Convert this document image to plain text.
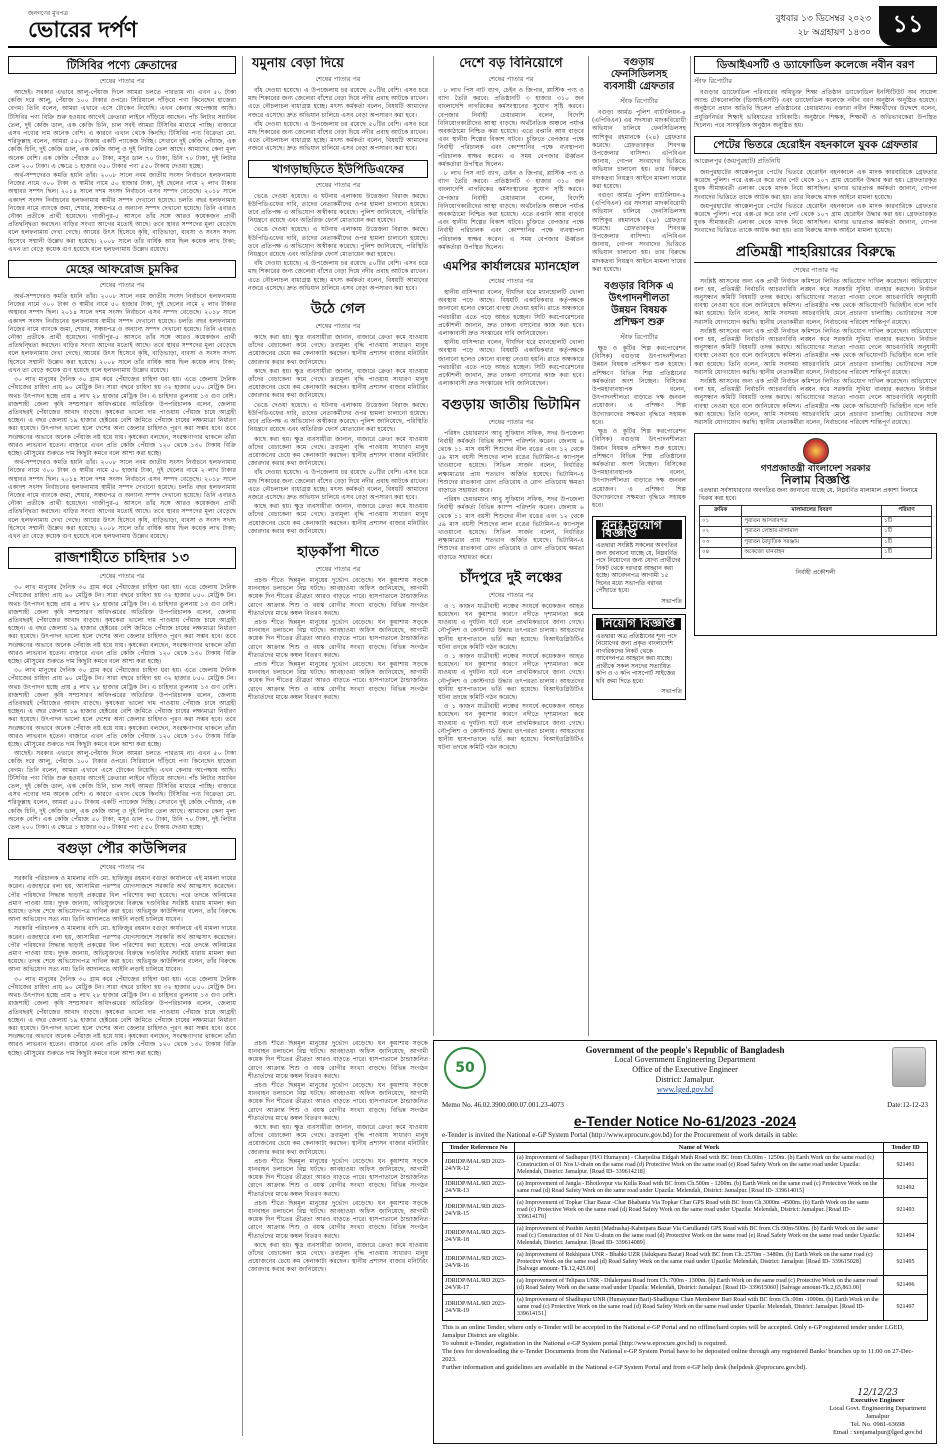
জনগণের মুখপত্র
ভোরের দর্পণ	বুধবার ১৩ ডিসেম্বর ২০২৩
২৮ অগ্রহায়ণ ১৪৩০ ১১
টিসিবির পণ্যে ক্রেতাদের
শেষের পাতার পর

আছেই। সরকার এভাবে আলু-পেঁয়াজ দিলে আমরা চলতে পারতাম না। এখন ৫০ টাকা কেজি দরে আলু, পেঁয়াজ ১০০ টাকার ওপরে। সিরিয়ালে দাঁড়িয়ে পণ্য কিনেছেন হাজেরা বেগম। তিনি বলেন, আমরা এখানে এসে টোকেন নিয়েছি। এখন কেনার অপেক্ষায় আছি। টিসিবির পণ্য বিক্রি শুরু হওয়ার আগেই ক্রেতারা লাইনে দাঁড়িয়ে আছেন। পাঁচ লিটার সয়াবিন তেল, দুই কেজি ডাল, এক কেজি চিনি, চাল সবই আমরা টিসিবির মাধ্যমে পাচ্ছি। বাজারে এসব পণ্যের দাম অনেক বেশি। এ কারণে এখান থেকে কিনছি। টিসিবির পণ্য বিক্রেতা মো. শরিফুল্লাহ বলেন, আমরা ৫৫০ টাকায় একটি প্যাকেজ দিচ্ছি। সেখানে দুই কেজি পেঁয়াজ, এক কেজি চিনি, দুই কেজি ডাল, এক কেজি আলু ও দুই লিটার তেল আছে। আমাদের কেনা মূল্য অনেক বেশি। এক কেজি পেঁয়াজ ৫০ টাকা, মসুর ডাল ৭০ টাকা, চিনি ৭০ টাকা, দুই লিটার তেল ২০০ টাকা। এ ক্ষেত্রে ১ হাজার ৩৫০ টাকার পণ্য ৫৫০ টাকায় দেওয়া হচ্ছে।

অর্থ-সম্পদেরও কমতি হয়নি তাঁর। ২০০৮ সালে নবম জাতীয় সংসদ নির্বাচনে হলফনামায় নিজের নামে ৩০০ টাকা ও স্বামীর নামে ৫০ হাজার টাকা, দুই ছেলের নামে ২ লাখ টাকার অস্থাবর সম্পদ ছিল। ২০১৪ সালে দশম সংসদ নির্বাচনে এসব সম্পদ বেড়েছে। ২০১৮ সালে একাদশ সংসদ নির্বাচনের হলফনামায় স্বামীর সম্পদ দেখানো হয়েছে। চলতি বছর হলফনামায় নিজের নামে ব্যাংকে জমা, শেয়ার, সঞ্চয়পত্র ও অন্যান্য সম্পদ দেখানো হয়েছে। তিনি এবারও নৌকা প্রতীকে প্রার্থী হয়েছেন। গাজীপুর-৫ আসনে তাঁর সঙ্গে আরও কয়েকজন প্রার্থী প্রতিদ্বন্দ্বিতা করছেন। বাড়ির সংখ্যা আগের মতোই আছে। তবে স্থাবর সম্পদের মূল্য বেড়েছে বলে হলফনামায় দেখা গেছে। আয়ের উৎস হিসেবে কৃষি, বাড়িভাড়া, ব্যবসা ও সংসদ সদস্য হিসেবে সম্মানী উল্লেখ করা হয়েছে। ২০০৮ সালে তাঁর বার্ষিক আয় ছিল কয়েক লাখ টাকা; এখন তা বেড়ে কয়েক গুণ হয়েছে বলে হলফনামায় উল্লেখ রয়েছে।

মেহের আফরোজ চুমকির
শেষের পাতার পর

অর্থ-সম্পদেরও কমতি হয়নি তাঁর। ২০০৮ সালে নবম জাতীয় সংসদ নির্বাচনে হলফনামায় নিজের নামে ৩০০ টাকা ও স্বামীর নামে ৫০ হাজার টাকা, দুই ছেলের নামে ২ লাখ টাকার অস্থাবর সম্পদ ছিল। ২০১৪ সালে দশম সংসদ নির্বাচনে এসব সম্পদ বেড়েছে। ২০১৮ সালে একাদশ সংসদ নির্বাচনের হলফনামায় স্বামীর সম্পদ দেখানো হয়েছে। চলতি বছর হলফনামায় নিজের নামে ব্যাংকে জমা, শেয়ার, সঞ্চয়পত্র ও অন্যান্য সম্পদ দেখানো হয়েছে। তিনি এবারও নৌকা প্রতীকে প্রার্থী হয়েছেন। গাজীপুর-৫ আসনে তাঁর সঙ্গে আরও কয়েকজন প্রার্থী প্রতিদ্বন্দ্বিতা করছেন। বাড়ির সংখ্যা আগের মতোই আছে। তবে স্থাবর সম্পদের মূল্য বেড়েছে বলে হলফনামায় দেখা গেছে। আয়ের উৎস হিসেবে কৃষি, বাড়িভাড়া, ব্যবসা ও সংসদ সদস্য হিসেবে সম্মানী উল্লেখ করা হয়েছে। ২০০৮ সালে তাঁর বার্ষিক আয় ছিল কয়েক লাখ টাকা; এখন তা বেড়ে কয়েক গুণ হয়েছে বলে হলফনামায় উল্লেখ রয়েছে।

৩০ লাখ মানুষের দৈনিক ৩০ গ্রাম করে পেঁয়াজের চাহিদা ধরা হয়। এতে জেলায় দৈনিক পেঁয়াজের চাহিদা প্রায় ৯০ মেট্রিক টন। সারা বছরে চাহিদা হয় ৩২ হাজার ৮৫০ মেট্রিক টন। অথচ উৎপাদন হচ্ছে প্রায় ৪ লাখ ২৮ হাজার মেট্রিক টন। এ চাহিদার তুলনায় ১৩ গুণ বেশি। রাজশাহী জেলা কৃষি সম্প্রসারণ অধিদপ্তরের অতিরিক্ত উপপরিচালক বলেন, জেলায় প্রতিবছরই পেঁয়াজের আবাদ বাড়ছে। কৃষকেরা ভালো দাম পাওয়ায় পেঁয়াজ চাষে আগ্রহী হচ্ছেন। এ বছর জেলায় ১৯ হাজার হেক্টরের বেশি জমিতে পেঁয়াজ চাষের লক্ষ্যমাত্রা নির্ধারণ করা হয়েছে। উৎপাদন ভালো হলে দেশের অন্য জেলার চাহিদাও পূরণ করা সম্ভব হবে। তবে সংরক্ষণের অভাবে অনেক পেঁয়াজ নষ্ট হয়ে যায়। কৃষকেরা বলছেন, সংরক্ষণাগার থাকলে তাঁরা আরও লাভবান হতেন। বাজারে এখন প্রতি কেজি পেঁয়াজ ১২০ থেকে ১৩০ টাকায় বিক্রি হচ্ছে। মৌসুমের শুরুতে দাম কিছুটা কমবে বলে আশা করা হচ্ছে।

অর্থ-সম্পদেরও কমতি হয়নি তাঁর। ২০০৮ সালে নবম জাতীয় সংসদ নির্বাচনে হলফনামায় নিজের নামে ৩০০ টাকা ও স্বামীর নামে ৫০ হাজার টাকা, দুই ছেলের নামে ২ লাখ টাকার অস্থাবর সম্পদ ছিল। ২০১৪ সালে দশম সংসদ নির্বাচনে এসব সম্পদ বেড়েছে। ২০১৮ সালে একাদশ সংসদ নির্বাচনের হলফনামায় স্বামীর সম্পদ দেখানো হয়েছে। চলতি বছর হলফনামায় নিজের নামে ব্যাংকে জমা, শেয়ার, সঞ্চয়পত্র ও অন্যান্য সম্পদ দেখানো হয়েছে। তিনি এবারও নৌকা প্রতীকে প্রার্থী হয়েছেন। গাজীপুর-৫ আসনে তাঁর সঙ্গে আরও কয়েকজন প্রার্থী প্রতিদ্বন্দ্বিতা করছেন। বাড়ির সংখ্যা আগের মতোই আছে। তবে স্থাবর সম্পদের মূল্য বেড়েছে বলে হলফনামায় দেখা গেছে। আয়ের উৎস হিসেবে কৃষি, বাড়িভাড়া, ব্যবসা ও সংসদ সদস্য হিসেবে সম্মানী উল্লেখ করা হয়েছে। ২০০৮ সালে তাঁর বার্ষিক আয় ছিল কয়েক লাখ টাকা; এখন তা বেড়ে কয়েক গুণ হয়েছে বলে হলফনামায় উল্লেখ রয়েছে।

রাজশাহীতে চাহিদার ১৩
শেষের পাতার পর

৩০ লাখ মানুষের দৈনিক ৩০ গ্রাম করে পেঁয়াজের চাহিদা ধরা হয়। এতে জেলায় দৈনিক পেঁয়াজের চাহিদা প্রায় ৯০ মেট্রিক টন। সারা বছরে চাহিদা হয় ৩২ হাজার ৮৫০ মেট্রিক টন। অথচ উৎপাদন হচ্ছে প্রায় ৪ লাখ ২৮ হাজার মেট্রিক টন। এ চাহিদার তুলনায় ১৩ গুণ বেশি। রাজশাহী জেলা কৃষি সম্প্রসারণ অধিদপ্তরের অতিরিক্ত উপপরিচালক বলেন, জেলায় প্রতিবছরই পেঁয়াজের আবাদ বাড়ছে। কৃষকেরা ভালো দাম পাওয়ায় পেঁয়াজ চাষে আগ্রহী হচ্ছেন। এ বছর জেলায় ১৯ হাজার হেক্টরের বেশি জমিতে পেঁয়াজ চাষের লক্ষ্যমাত্রা নির্ধারণ করা হয়েছে। উৎপাদন ভালো হলে দেশের অন্য জেলার চাহিদাও পূরণ করা সম্ভব হবে। তবে সংরক্ষণের অভাবে অনেক পেঁয়াজ নষ্ট হয়ে যায়। কৃষকেরা বলছেন, সংরক্ষণাগার থাকলে তাঁরা আরও লাভবান হতেন। বাজারে এখন প্রতি কেজি পেঁয়াজ ১২০ থেকে ১৩০ টাকায় বিক্রি হচ্ছে। মৌসুমের শুরুতে দাম কিছুটা কমবে বলে আশা করা হচ্ছে।

৩০ লাখ মানুষের দৈনিক ৩০ গ্রাম করে পেঁয়াজের চাহিদা ধরা হয়। এতে জেলায় দৈনিক পেঁয়াজের চাহিদা প্রায় ৯০ মেট্রিক টন। সারা বছরে চাহিদা হয় ৩২ হাজার ৮৫০ মেট্রিক টন। অথচ উৎপাদন হচ্ছে প্রায় ৪ লাখ ২৮ হাজার মেট্রিক টন। এ চাহিদার তুলনায় ১৩ গুণ বেশি। রাজশাহী জেলা কৃষি সম্প্রসারণ অধিদপ্তরের অতিরিক্ত উপপরিচালক বলেন, জেলায় প্রতিবছরই পেঁয়াজের আবাদ বাড়ছে। কৃষকেরা ভালো দাম পাওয়ায় পেঁয়াজ চাষে আগ্রহী হচ্ছেন। এ বছর জেলায় ১৯ হাজার হেক্টরের বেশি জমিতে পেঁয়াজ চাষের লক্ষ্যমাত্রা নির্ধারণ করা হয়েছে। উৎপাদন ভালো হলে দেশের অন্য জেলার চাহিদাও পূরণ করা সম্ভব হবে। তবে সংরক্ষণের অভাবে অনেক পেঁয়াজ নষ্ট হয়ে যায়। কৃষকেরা বলছেন, সংরক্ষণাগার থাকলে তাঁরা আরও লাভবান হতেন। বাজারে এখন প্রতি কেজি পেঁয়াজ ১২০ থেকে ১৩০ টাকায় বিক্রি হচ্ছে। মৌসুমের শুরুতে দাম কিছুটা কমবে বলে আশা করা হচ্ছে।

আছেই। সরকার এভাবে আলু-পেঁয়াজ দিলে আমরা চলতে পারতাম না। এখন ৫০ টাকা কেজি দরে আলু, পেঁয়াজ ১০০ টাকার ওপরে। সিরিয়ালে দাঁড়িয়ে পণ্য কিনেছেন হাজেরা বেগম। তিনি বলেন, আমরা এখানে এসে টোকেন নিয়েছি। এখন কেনার অপেক্ষায় আছি। টিসিবির পণ্য বিক্রি শুরু হওয়ার আগেই ক্রেতারা লাইনে দাঁড়িয়ে আছেন। পাঁচ লিটার সয়াবিন তেল, দুই কেজি ডাল, এক কেজি চিনি, চাল সবই আমরা টিসিবির মাধ্যমে পাচ্ছি। বাজারে এসব পণ্যের দাম অনেক বেশি। এ কারণে এখান থেকে কিনছি। টিসিবির পণ্য বিক্রেতা মো. শরিফুল্লাহ বলেন, আমরা ৫৫০ টাকায় একটি প্যাকেজ দিচ্ছি। সেখানে দুই কেজি পেঁয়াজ, এক কেজি চিনি, দুই কেজি ডাল, এক কেজি আলু ও দুই লিটার তেল আছে। আমাদের কেনা মূল্য অনেক বেশি। এক কেজি পেঁয়াজ ৫০ টাকা, মসুর ডাল ৭০ টাকা, চিনি ৭০ টাকা, দুই লিটার তেল ২০০ টাকা। এ ক্ষেত্রে ১ হাজার ৩৫০ টাকার পণ্য ৫৫০ টাকায় দেওয়া হচ্ছে।

বগুড়া পৌর কাউন্সিলর
শেষের পাতার পর

সরকারি পরিচালক ও মামলার বাদি মো. হাফিজুর রহমান বগুড়া কার্যালয়ে এই মামলা দায়ের করেন। এজাহারে বলা হয়, আসামিরা পরস্পর যোগসাজশে সরকারি অর্থ আত্মসাৎ করেছেন। পৌর পরিষদের সিদ্ধান্ত ছাড়াই প্রকল্পের বিল পরিশোধ করা হয়েছে। পরে তদন্তে অনিয়মের প্রমাণ পাওয়া যায়। দুদক জানায়, অভিযুক্তদের বিরুদ্ধে দণ্ডবিধির সংশ্লিষ্ট ধারায় মামলা করা হয়েছে। তদন্ত শেষে অভিযোগপত্র দাখিল করা হবে। অভিযুক্ত কাউন্সিলর বলেন, তাঁর বিরুদ্ধে আনা অভিযোগ সত্য নয়। তিনি আদালতে আইনি লড়াই চালিয়ে যাবেন।

সরকারি পরিচালক ও মামলার বাদি মো. হাফিজুর রহমান বগুড়া কার্যালয়ে এই মামলা দায়ের করেন। এজাহারে বলা হয়, আসামিরা পরস্পর যোগসাজশে সরকারি অর্থ আত্মসাৎ করেছেন। পৌর পরিষদের সিদ্ধান্ত ছাড়াই প্রকল্পের বিল পরিশোধ করা হয়েছে। পরে তদন্তে অনিয়মের প্রমাণ পাওয়া যায়। দুদক জানায়, অভিযুক্তদের বিরুদ্ধে দণ্ডবিধির সংশ্লিষ্ট ধারায় মামলা করা হয়েছে। তদন্ত শেষে অভিযোগপত্র দাখিল করা হবে। অভিযুক্ত কাউন্সিলর বলেন, তাঁর বিরুদ্ধে আনা অভিযোগ সত্য নয়। তিনি আদালতে আইনি লড়াই চালিয়ে যাবেন।

৩০ লাখ মানুষের দৈনিক ৩০ গ্রাম করে পেঁয়াজের চাহিদা ধরা হয়। এতে জেলায় দৈনিক পেঁয়াজের চাহিদা প্রায় ৯০ মেট্রিক টন। সারা বছরে চাহিদা হয় ৩২ হাজার ৮৫০ মেট্রিক টন। অথচ উৎপাদন হচ্ছে প্রায় ৪ লাখ ২৮ হাজার মেট্রিক টন। এ চাহিদার তুলনায় ১৩ গুণ বেশি। রাজশাহী জেলা কৃষি সম্প্রসারণ অধিদপ্তরের অতিরিক্ত উপপরিচালক বলেন, জেলায় প্রতিবছরই পেঁয়াজের আবাদ বাড়ছে। কৃষকেরা ভালো দাম পাওয়ায় পেঁয়াজ চাষে আগ্রহী হচ্ছেন। এ বছর জেলায় ১৯ হাজার হেক্টরের বেশি জমিতে পেঁয়াজ চাষের লক্ষ্যমাত্রা নির্ধারণ করা হয়েছে। উৎপাদন ভালো হলে দেশের অন্য জেলার চাহিদাও পূরণ করা সম্ভব হবে। তবে সংরক্ষণের অভাবে অনেক পেঁয়াজ নষ্ট হয়ে যায়। কৃষকেরা বলছেন, সংরক্ষণাগার থাকলে তাঁরা আরও লাভবান হতেন। বাজারে এখন প্রতি কেজি পেঁয়াজ ১২০ থেকে ১৩০ টাকায় বিক্রি হচ্ছে। মৌসুমের শুরুতে দাম কিছুটা কমবে বলে আশা করা হচ্ছে।

যমুনায় বেড়া দিয়ে
শেষের পাতার পর

বাঁধ দেওয়া হয়েছে। এ উপজেলায় চর রয়েছে ৫০টির বেশি। এসব চরে মাছ শিকারের জন্য জেলেরা বাঁশের বেড়া দিয়ে নদীর প্রবাহ আটকে রাখেন। এতে নৌচলাচল বাধাগ্রস্ত হচ্ছে। মৎস্য কর্মকর্তা বলেন, বিষয়টি আমাদের নজরে এসেছে। দ্রুত অভিযান চালিয়ে এসব বেড়া অপসারণ করা হবে।

বাঁধ দেওয়া হয়েছে। এ উপজেলায় চর রয়েছে ৫০টির বেশি। এসব চরে মাছ শিকারের জন্য জেলেরা বাঁশের বেড়া দিয়ে নদীর প্রবাহ আটকে রাখেন। এতে নৌচলাচল বাধাগ্রস্ত হচ্ছে। মৎস্য কর্মকর্তা বলেন, বিষয়টি আমাদের নজরে এসেছে। দ্রুত অভিযান চালিয়ে এসব বেড়া অপসারণ করা হবে।

খাগড়াছড়িতে ইউপিডিএফের
শেষের পাতার পর

ভেঙে দেওয়া হয়েছে। এ ঘটনায় এলাকায় উত্তেজনা বিরাজ করছে। ইউপিডিএফের দাবি, তাদের নেতাকর্মীদের ওপর হামলা চালানো হয়েছে। তবে প্রতিপক্ষ এ অভিযোগ অস্বীকার করেছে। পুলিশ জানিয়েছে, পরিস্থিতি নিয়ন্ত্রণে রয়েছে এবং অতিরিক্ত ফোর্স মোতায়েন করা হয়েছে।

ভেঙে দেওয়া হয়েছে। এ ঘটনায় এলাকায় উত্তেজনা বিরাজ করছে। ইউপিডিএফের দাবি, তাদের নেতাকর্মীদের ওপর হামলা চালানো হয়েছে। তবে প্রতিপক্ষ এ অভিযোগ অস্বীকার করেছে। পুলিশ জানিয়েছে, পরিস্থিতি নিয়ন্ত্রণে রয়েছে এবং অতিরিক্ত ফোর্স মোতায়েন করা হয়েছে।

বাঁধ দেওয়া হয়েছে। এ উপজেলায় চর রয়েছে ৫০টির বেশি। এসব চরে মাছ শিকারের জন্য জেলেরা বাঁশের বেড়া দিয়ে নদীর প্রবাহ আটকে রাখেন। এতে নৌচলাচল বাধাগ্রস্ত হচ্ছে। মৎস্য কর্মকর্তা বলেন, বিষয়টি আমাদের নজরে এসেছে। দ্রুত অভিযান চালিয়ে এসব বেড়া অপসারণ করা হবে।

উঠে গেল
শেষের পাতার পর

কাছে করা হয়। ক্ষুদ্র ব্যবসায়ীরা জানান, বাজারে ক্রেতা কমে যাওয়ায় তাঁদের বেচাকেনা কমে গেছে। দ্রব্যমূল্য বৃদ্ধি পাওয়ায় সাধারণ মানুষ প্রয়োজনের চেয়ে কম কেনাকাটা করছেন। স্থানীয় প্রশাসন বাজার মনিটরিং জোরদার করার কথা জানিয়েছে।

কাছে করা হয়। ক্ষুদ্র ব্যবসায়ীরা জানান, বাজারে ক্রেতা কমে যাওয়ায় তাঁদের বেচাকেনা কমে গেছে। দ্রব্যমূল্য বৃদ্ধি পাওয়ায় সাধারণ মানুষ প্রয়োজনের চেয়ে কম কেনাকাটা করছেন। স্থানীয় প্রশাসন বাজার মনিটরিং জোরদার করার কথা জানিয়েছে।

ভেঙে দেওয়া হয়েছে। এ ঘটনায় এলাকায় উত্তেজনা বিরাজ করছে। ইউপিডিএফের দাবি, তাদের নেতাকর্মীদের ওপর হামলা চালানো হয়েছে। তবে প্রতিপক্ষ এ অভিযোগ অস্বীকার করেছে। পুলিশ জানিয়েছে, পরিস্থিতি নিয়ন্ত্রণে রয়েছে এবং অতিরিক্ত ফোর্স মোতায়েন করা হয়েছে।

কাছে করা হয়। ক্ষুদ্র ব্যবসায়ীরা জানান, বাজারে ক্রেতা কমে যাওয়ায় তাঁদের বেচাকেনা কমে গেছে। দ্রব্যমূল্য বৃদ্ধি পাওয়ায় সাধারণ মানুষ প্রয়োজনের চেয়ে কম কেনাকাটা করছেন। স্থানীয় প্রশাসন বাজার মনিটরিং জোরদার করার কথা জানিয়েছে।

বাঁধ দেওয়া হয়েছে। এ উপজেলায় চর রয়েছে ৫০টির বেশি। এসব চরে মাছ শিকারের জন্য জেলেরা বাঁশের বেড়া দিয়ে নদীর প্রবাহ আটকে রাখেন। এতে নৌচলাচল বাধাগ্রস্ত হচ্ছে। মৎস্য কর্মকর্তা বলেন, বিষয়টি আমাদের নজরে এসেছে। দ্রুত অভিযান চালিয়ে এসব বেড়া অপসারণ করা হবে।

কাছে করা হয়। ক্ষুদ্র ব্যবসায়ীরা জানান, বাজারে ক্রেতা কমে যাওয়ায় তাঁদের বেচাকেনা কমে গেছে। দ্রব্যমূল্য বৃদ্ধি পাওয়ায় সাধারণ মানুষ প্রয়োজনের চেয়ে কম কেনাকাটা করছেন। স্থানীয় প্রশাসন বাজার মনিটরিং জোরদার করার কথা জানিয়েছে।

হাড়কাঁপা শীতে
শেষের পাতার পর

প্রচণ্ড শীতে ছিন্নমূল মানুষের দুর্ভোগ বেড়েছে। ঘন কুয়াশায় সড়কে যানবাহন চলাচলে বিঘ্ন ঘটছে। আবহাওয়া অফিস জানিয়েছে, আগামী কয়েক দিন শীতের তীব্রতা আরও বাড়তে পারে। হাসপাতালে ঠান্ডাজনিত রোগে আক্রান্ত শিশু ও বয়স্ক রোগীর সংখ্যা বাড়ছে। বিভিন্ন সংগঠন শীতার্তদের মাঝে কম্বল বিতরণ করছে।

প্রচণ্ড শীতে ছিন্নমূল মানুষের দুর্ভোগ বেড়েছে। ঘন কুয়াশায় সড়কে যানবাহন চলাচলে বিঘ্ন ঘটছে। আবহাওয়া অফিস জানিয়েছে, আগামী কয়েক দিন শীতের তীব্রতা আরও বাড়তে পারে। হাসপাতালে ঠান্ডাজনিত রোগে আক্রান্ত শিশু ও বয়স্ক রোগীর সংখ্যা বাড়ছে। বিভিন্ন সংগঠন শীতার্তদের মাঝে কম্বল বিতরণ করছে।

প্রচণ্ড শীতে ছিন্নমূল মানুষের দুর্ভোগ বেড়েছে। ঘন কুয়াশায় সড়কে যানবাহন চলাচলে বিঘ্ন ঘটছে। আবহাওয়া অফিস জানিয়েছে, আগামী কয়েক দিন শীতের তীব্রতা আরও বাড়তে পারে। হাসপাতালে ঠান্ডাজনিত রোগে আক্রান্ত শিশু ও বয়স্ক রোগীর সংখ্যা বাড়ছে। বিভিন্ন সংগঠন শীতার্তদের মাঝে কম্বল বিতরণ করছে।

প্রচণ্ড শীতে ছিন্নমূল মানুষের দুর্ভোগ বেড়েছে। ঘন কুয়াশায় সড়কে যানবাহন চলাচলে বিঘ্ন ঘটছে। আবহাওয়া অফিস জানিয়েছে, আগামী কয়েক দিন শীতের তীব্রতা আরও বাড়তে পারে। হাসপাতালে ঠান্ডাজনিত রোগে আক্রান্ত শিশু ও বয়স্ক রোগীর সংখ্যা বাড়ছে। বিভিন্ন সংগঠন শীতার্তদের মাঝে কম্বল বিতরণ করছে।

প্রচণ্ড শীতে ছিন্নমূল মানুষের দুর্ভোগ বেড়েছে। ঘন কুয়াশায় সড়কে যানবাহন চলাচলে বিঘ্ন ঘটছে। আবহাওয়া অফিস জানিয়েছে, আগামী কয়েক দিন শীতের তীব্রতা আরও বাড়তে পারে। হাসপাতালে ঠান্ডাজনিত রোগে আক্রান্ত শিশু ও বয়স্ক রোগীর সংখ্যা বাড়ছে। বিভিন্ন সংগঠন শীতার্তদের মাঝে কম্বল বিতরণ করছে।

কাছে করা হয়। ক্ষুদ্র ব্যবসায়ীরা জানান, বাজারে ক্রেতা কমে যাওয়ায় তাঁদের বেচাকেনা কমে গেছে। দ্রব্যমূল্য বৃদ্ধি পাওয়ায় সাধারণ মানুষ প্রয়োজনের চেয়ে কম কেনাকাটা করছেন। স্থানীয় প্রশাসন বাজার মনিটরিং জোরদার করার কথা জানিয়েছে।

প্রচণ্ড শীতে ছিন্নমূল মানুষের দুর্ভোগ বেড়েছে। ঘন কুয়াশায় সড়কে যানবাহন চলাচলে বিঘ্ন ঘটছে। আবহাওয়া অফিস জানিয়েছে, আগামী কয়েক দিন শীতের তীব্রতা আরও বাড়তে পারে। হাসপাতালে ঠান্ডাজনিত রোগে আক্রান্ত শিশু ও বয়স্ক রোগীর সংখ্যা বাড়ছে। বিভিন্ন সংগঠন শীতার্তদের মাঝে কম্বল বিতরণ করছে।

প্রচণ্ড শীতে ছিন্নমূল মানুষের দুর্ভোগ বেড়েছে। ঘন কুয়াশায় সড়কে যানবাহন চলাচলে বিঘ্ন ঘটছে। আবহাওয়া অফিস জানিয়েছে, আগামী কয়েক দিন শীতের তীব্রতা আরও বাড়তে পারে। হাসপাতালে ঠান্ডাজনিত রোগে আক্রান্ত শিশু ও বয়স্ক রোগীর সংখ্যা বাড়ছে। বিভিন্ন সংগঠন শীতার্তদের মাঝে কম্বল বিতরণ করছে।

কাছে করা হয়। ক্ষুদ্র ব্যবসায়ীরা জানান, বাজারে ক্রেতা কমে যাওয়ায় তাঁদের বেচাকেনা কমে গেছে। দ্রব্যমূল্য বৃদ্ধি পাওয়ায় সাধারণ মানুষ প্রয়োজনের চেয়ে কম কেনাকাটা করছেন। স্থানীয় প্রশাসন বাজার মনিটরিং জোরদার করার কথা জানিয়েছে।

দেশে বড় বিনিয়োগে
শেষের পাতার পর

৮ লাখ পিস নাট ব্যাগ, চেইন ও জিপার, প্লাস্টিক পণ্য ও ব্যাগ তৈরি করবে। প্রতিষ্ঠানটি ৩ হাজার ৩১০ জন বাংলাদেশি নাগরিকের কর্মসংস্থানের সুযোগ সৃষ্টি করবে। বেপজার নির্বাহী চেয়ারম্যান বলেন, বিদেশি বিনিয়োগকারীদের আস্থা বাড়ছে। অর্থনৈতিক অঞ্চলে পর্যাপ্ত অবকাঠামো নিশ্চিত করা হয়েছে। এতে রপ্তানি আয় বাড়বে এবং স্থানীয় শিল্পের বিকাশ ঘটবে। চুক্তিতে বেপজার পক্ষে নির্বাহী পরিচালক এবং কোম্পানির পক্ষে ব্যবস্থাপনা পরিচালক স্বাক্ষর করেন। এ সময় বেপজার ঊর্ধ্বতন কর্মকর্তারা উপস্থিত ছিলেন।

৮ লাখ পিস নাট ব্যাগ, চেইন ও জিপার, প্লাস্টিক পণ্য ও ব্যাগ তৈরি করবে। প্রতিষ্ঠানটি ৩ হাজার ৩১০ জন বাংলাদেশি নাগরিকের কর্মসংস্থানের সুযোগ সৃষ্টি করবে। বেপজার নির্বাহী চেয়ারম্যান বলেন, বিদেশি বিনিয়োগকারীদের আস্থা বাড়ছে। অর্থনৈতিক অঞ্চলে পর্যাপ্ত অবকাঠামো নিশ্চিত করা হয়েছে। এতে রপ্তানি আয় বাড়বে এবং স্থানীয় শিল্পের বিকাশ ঘটবে। চুক্তিতে বেপজার পক্ষে নির্বাহী পরিচালক এবং কোম্পানির পক্ষে ব্যবস্থাপনা পরিচালক স্বাক্ষর করেন। এ সময় বেপজার ঊর্ধ্বতন কর্মকর্তারা উপস্থিত ছিলেন।

এমপির কার্যালয়ের ম্যানহোল
শেষের পাতার পর

স্থানীয় বাসিন্দারা বলেন, দীর্ঘদিন ধরে ম্যানহোলটি খোলা অবস্থায় পড়ে আছে। বিষয়টি একাধিকবার কর্তৃপক্ষকে জানানো হলেও কোনো ব্যবস্থা নেওয়া হয়নি। রাতে অন্ধকারে পথচারীরা এতে পড়ে আহত হচ্ছেন। সিটি করপোরেশনের প্রকৌশলী জানান, দ্রুত ঢাকনা বসানোর কাজ করা হবে। এলাকাবাসী দ্রুত সংস্কারের দাবি জানিয়েছেন।

স্থানীয় বাসিন্দারা বলেন, দীর্ঘদিন ধরে ম্যানহোলটি খোলা অবস্থায় পড়ে আছে। বিষয়টি একাধিকবার কর্তৃপক্ষকে জানানো হলেও কোনো ব্যবস্থা নেওয়া হয়নি। রাতে অন্ধকারে পথচারীরা এতে পড়ে আহত হচ্ছেন। সিটি করপোরেশনের প্রকৌশলী জানান, দ্রুত ঢাকনা বসানোর কাজ করা হবে। এলাকাবাসী দ্রুত সংস্কারের দাবি জানিয়েছেন।

বগুড়ায় জাতীয় ভিটামিন
শেষের পাতার পর

পরিষদ চেয়ারম্যান আবু সুফিয়ান সফিক, সদর উপজেলা নির্বাহী কর্মকর্তা বিভিন্ন ক্যাম্প পরিদর্শন করেন। জেলায় ৬ থেকে ১১ মাস বয়সী শিশুদের নীল রঙের এবং ১২ থেকে ৫৯ মাস বয়সী শিশুদের লাল রঙের ভিটামিন-এ ক্যাপসুল খাওয়ানো হয়েছে। সিভিল সার্জন বলেন, নির্ধারিত লক্ষ্যমাত্রার প্রায় শতভাগ অর্জিত হয়েছে। ভিটামিন-এ শিশুদের রাতকানা রোগ প্রতিরোধ ও রোগ প্রতিরোধ ক্ষমতা বাড়াতে সহায়তা করে।

পরিষদ চেয়ারম্যান আবু সুফিয়ান সফিক, সদর উপজেলা নির্বাহী কর্মকর্তা বিভিন্ন ক্যাম্প পরিদর্শন করেন। জেলায় ৬ থেকে ১১ মাস বয়সী শিশুদের নীল রঙের এবং ১২ থেকে ৫৯ মাস বয়সী শিশুদের লাল রঙের ভিটামিন-এ ক্যাপসুল খাওয়ানো হয়েছে। সিভিল সার্জন বলেন, নির্ধারিত লক্ষ্যমাত্রার প্রায় শতভাগ অর্জিত হয়েছে। ভিটামিন-এ শিশুদের রাতকানা রোগ প্রতিরোধ ও রোগ প্রতিরোধ ক্ষমতা বাড়াতে সহায়তা করে।

চাঁদপুরে দুই লঞ্চের
শেষের পাতার পর

ও ১ কাজন যাত্রীবাহী লঞ্চের সংঘর্ষে কয়েকজন আহত হয়েছেন। ঘন কুয়াশার কারণে নদীতে দৃশ্যমানতা কমে যাওয়ায় এ দুর্ঘটনা ঘটে বলে প্রাথমিকভাবে জানা গেছে। নৌপুলিশ ও কোস্টগার্ড উদ্ধার তৎপরতা চালায়। আহতদের স্থানীয় হাসপাতালে ভর্তি করা হয়েছে। বিআইডব্লিউটিএ ঘটনা তদন্তে কমিটি গঠন করেছে।

ও ১ কাজন যাত্রীবাহী লঞ্চের সংঘর্ষে কয়েকজন আহত হয়েছেন। ঘন কুয়াশার কারণে নদীতে দৃশ্যমানতা কমে যাওয়ায় এ দুর্ঘটনা ঘটে বলে প্রাথমিকভাবে জানা গেছে। নৌপুলিশ ও কোস্টগার্ড উদ্ধার তৎপরতা চালায়। আহতদের স্থানীয় হাসপাতালে ভর্তি করা হয়েছে। বিআইডব্লিউটিএ ঘটনা তদন্তে কমিটি গঠন করেছে।

ও ১ কাজন যাত্রীবাহী লঞ্চের সংঘর্ষে কয়েকজন আহত হয়েছেন। ঘন কুয়াশার কারণে নদীতে দৃশ্যমানতা কমে যাওয়ায় এ দুর্ঘটনা ঘটে বলে প্রাথমিকভাবে জানা গেছে। নৌপুলিশ ও কোস্টগার্ড উদ্ধার তৎপরতা চালায়। আহতদের স্থানীয় হাসপাতালে ভর্তি করা হয়েছে। বিআইডব্লিউটিএ ঘটনা তদন্তে কমিটি গঠন করেছে।

বগুড়ায় ফেনসিডিলসহ ব্যবসায়ী গ্রেফতার
স্টাফ রিপোর্টার

বগুড়া আর্মড পুলিশ ব্যাটালিয়ন-৪ (এপিবিএন) এর সদস্যরা মাদকবিরোধী অভিযান চালিয়ে ফেনসিডিলসহ আশিকুর রহমানকে (২৪) গ্রেফতার করেছে। গ্রেফতারকৃত শিবগঞ্জ উপজেলার বাসিন্দা। এপিবিএন জানায়, গোপন সংবাদের ভিত্তিতে অভিযান চালানো হয়। তার বিরুদ্ধে মাদকদ্রব্য নিয়ন্ত্রণ আইনে মামলা দায়ের করা হয়েছে।

বগুড়া আর্মড পুলিশ ব্যাটালিয়ন-৪ (এপিবিএন) এর সদস্যরা মাদকবিরোধী অভিযান চালিয়ে ফেনসিডিলসহ আশিকুর রহমানকে (২৪) গ্রেফতার করেছে। গ্রেফতারকৃত শিবগঞ্জ উপজেলার বাসিন্দা। এপিবিএন জানায়, গোপন সংবাদের ভিত্তিতে অভিযান চালানো হয়। তার বিরুদ্ধে মাদকদ্রব্য নিয়ন্ত্রণ আইনে মামলা দায়ের করা হয়েছে।

বগুড়ার বিসিক এ উৎপাদনশীলতা উন্নয়ন বিষয়ক প্রশিক্ষণ শুরু
স্টাফ রিপোর্টার

ক্ষুদ্র ও কুটির শিল্প করপোরেশন (বিসিক) বগুড়ায় উৎপাদনশীলতা উন্নয়ন বিষয়ক প্রশিক্ষণ শুরু হয়েছে। প্রশিক্ষণে বিভিন্ন শিল্প প্রতিষ্ঠানের কর্মকর্তারা অংশ নিচ্ছেন। বিসিকের উপমহাব্যবস্থাপক বলেন, উৎপাদনশীলতা বাড়াতে দক্ষ জনবল প্রয়োজন। এ প্রশিক্ষণ শিল্প উদ্যোক্তাদের সক্ষমতা বৃদ্ধিতে সহায়ক হবে।

ক্ষুদ্র ও কুটির শিল্প করপোরেশন (বিসিক) বগুড়ায় উৎপাদনশীলতা উন্নয়ন বিষয়ক প্রশিক্ষণ শুরু হয়েছে। প্রশিক্ষণে বিভিন্ন শিল্প প্রতিষ্ঠানের কর্মকর্তারা অংশ নিচ্ছেন। বিসিকের উপমহাব্যবস্থাপক বলেন, উৎপাদনশীলতা বাড়াতে দক্ষ জনবল প্রয়োজন। এ প্রশিক্ষণ শিল্প উদ্যোক্তাদের সক্ষমতা বৃদ্ধিতে সহায়ক হবে।

পুনঃ নিয়োগ বিজ্ঞপ্তি
এতদ্বারা সংশ্লিষ্ট সকলের অবগতির জন্য জানানো যাচ্ছে যে, নিম্নবর্ণিত পদে নিয়োগের জন্য যোগ্য প্রার্থীদের নিকট থেকে দরখাস্ত আহ্বান করা হচ্ছে। আবেদনপত্র আগামী ১৫ দিনের মধ্যে সভাপতি বরাবর পৌঁছাতে হবে।
সভাপতি
নিয়োগ বিজ্ঞপ্তি
এতদ্বারা অত্র প্রতিষ্ঠানের শূন্য পদে নিয়োগের জন্য প্রকৃত বাংলাদেশি নাগরিকদের নিকট থেকে আবেদনপত্র আহ্বান করা যাচ্ছে। প্রার্থীকে সকল সনদের সত্যায়িত কপি ও ৩ কপি পাসপোর্ট সাইজের ছবি জমা দিতে হবে।
সভাপতি
ডিআইএসটি ও ড্যাফোডিল কলেজে নবীন বরণ
স্টাফ রিপোর্টার

বগুড়ার ড্যাফোডিল পরিবারের অধিভুক্ত শিক্ষা প্রতিষ্ঠান ড্যাফোডিল ইনস্টিটিউট অব সায়েন্স অ্যান্ড টেকনোলজি (ডিআইএসটি) এবং ড্যাফোডিল কলেজে নবীন বরণ অনুষ্ঠান অনুষ্ঠিত হয়েছে। অনুষ্ঠানে প্রধান অতিথি ছিলেন প্রতিষ্ঠানের চেয়ারম্যান। বক্তারা নবীন শিক্ষার্থীদের উদ্দেশে বলেন, প্রযুক্তিনির্ভর শিক্ষাই ভবিষ্যতের চাবিকাঠি। অনুষ্ঠানে শিক্ষক, শিক্ষার্থী ও অভিভাবকেরা উপস্থিত ছিলেন। পরে সাংস্কৃতিক অনুষ্ঠান অনুষ্ঠিত হয়।

পেটের ভিতরে হেরোইন বহনকালে যুবক গ্রেফতার
আক্কেলপুর (জয়পুরহাট) প্রতিনিধি

জয়পুরহাটের আক্কেলপুরে পেটের ভিতরে হেরোইন বহনকালে এক মাদক কারবারিকে গ্রেফতার করেছে পুলিশ। পরে এক্স-রে করে তার পেট থেকে ১০৭ গ্রাম হেরোইন উদ্ধার করা হয়। গ্রেফতারকৃত যুবক সীমান্তবর্তী এলাকা থেকে মাদক নিয়ে আসছিল। থানার ভারপ্রাপ্ত কর্মকর্তা জানান, গোপন সংবাদের ভিত্তিতে তাকে আটক করা হয়। তার বিরুদ্ধে মাদক আইনে মামলা হয়েছে।

জয়পুরহাটের আক্কেলপুরে পেটের ভিতরে হেরোইন বহনকালে এক মাদক কারবারিকে গ্রেফতার করেছে পুলিশ। পরে এক্স-রে করে তার পেট থেকে ১০৭ গ্রাম হেরোইন উদ্ধার করা হয়। গ্রেফতারকৃত যুবক সীমান্তবর্তী এলাকা থেকে মাদক নিয়ে আসছিল। থানার ভারপ্রাপ্ত কর্মকর্তা জানান, গোপন সংবাদের ভিত্তিতে তাকে আটক করা হয়। তার বিরুদ্ধে মাদক আইনে মামলা হয়েছে।

প্রতিমন্ত্রী শাহরিয়ারের বিরুদ্ধে
শেষের পাতার পর

সংশ্লিষ্ট আসনের অন্য এক প্রার্থী নির্বাচন কমিশনে লিখিত অভিযোগ দাখিল করেছেন। অভিযোগে বলা হয়, প্রতিমন্ত্রী নির্বাচনি আচরণবিধি লঙ্ঘন করে সরকারি সুবিধা ব্যবহার করছেন। নির্বাচন অনুসন্ধান কমিটি বিষয়টি তদন্ত করছে। অভিযোগের সত্যতা পাওয়া গেলে আচরণবিধি অনুযায়ী ব্যবস্থা নেওয়া হবে বলে জানিয়েছে কমিশন। প্রতিমন্ত্রীর পক্ষ থেকে অভিযোগটি ভিত্তিহীন বলে দাবি করা হয়েছে। তিনি বলেন, আমি সবসময় আচরণবিধি মেনে প্রচারণা চালাচ্ছি। ভোটারদের সঙ্গে সরাসরি যোগাযোগ করছি। স্থানীয় নেতাকর্মীরা বলেন, নির্বাচনের পরিবেশ শান্তিপূর্ণ রয়েছে।

সংশ্লিষ্ট আসনের অন্য এক প্রার্থী নির্বাচন কমিশনে লিখিত অভিযোগ দাখিল করেছেন। অভিযোগে বলা হয়, প্রতিমন্ত্রী নির্বাচনি আচরণবিধি লঙ্ঘন করে সরকারি সুবিধা ব্যবহার করছেন। নির্বাচন অনুসন্ধান কমিটি বিষয়টি তদন্ত করছে। অভিযোগের সত্যতা পাওয়া গেলে আচরণবিধি অনুযায়ী ব্যবস্থা নেওয়া হবে বলে জানিয়েছে কমিশন। প্রতিমন্ত্রীর পক্ষ থেকে অভিযোগটি ভিত্তিহীন বলে দাবি করা হয়েছে। তিনি বলেন, আমি সবসময় আচরণবিধি মেনে প্রচারণা চালাচ্ছি। ভোটারদের সঙ্গে সরাসরি যোগাযোগ করছি। স্থানীয় নেতাকর্মীরা বলেন, নির্বাচনের পরিবেশ শান্তিপূর্ণ রয়েছে।

সংশ্লিষ্ট আসনের অন্য এক প্রার্থী নির্বাচন কমিশনে লিখিত অভিযোগ দাখিল করেছেন। অভিযোগে বলা হয়, প্রতিমন্ত্রী নির্বাচনি আচরণবিধি লঙ্ঘন করে সরকারি সুবিধা ব্যবহার করছেন। নির্বাচন অনুসন্ধান কমিটি বিষয়টি তদন্ত করছে। অভিযোগের সত্যতা পাওয়া গেলে আচরণবিধি অনুযায়ী ব্যবস্থা নেওয়া হবে বলে জানিয়েছে কমিশন। প্রতিমন্ত্রীর পক্ষ থেকে অভিযোগটি ভিত্তিহীন বলে দাবি করা হয়েছে। তিনি বলেন, আমি সবসময় আচরণবিধি মেনে প্রচারণা চালাচ্ছি। ভোটারদের সঙ্গে সরাসরি যোগাযোগ করছি। স্থানীয় নেতাকর্মীরা বলেন, নির্বাচনের পরিবেশ শান্তিপূর্ণ রয়েছে।

গণপ্রজাতন্ত্রী বাংলাদেশ সরকার
নিলাম বিজ্ঞপ্তি
এতদ্বারা সর্বসাধারণের অবগতির জন্য জানানো যাচ্ছে যে, নিম্নবর্ণিত মালামাল প্রকাশ্য নিলামে বিক্রয় করা হবে।
ক্রমিক	মালামালের বিবরণ	পরিমাণ
০১	পুরাতন আসবাবপত্র	১টি
০২	পুরাতন লোহার মালামাল	১টি
০৩	পুরাতন বৈদ্যুতিক সরঞ্জাম	১টি
০৪	অকেজো যানবাহন	১টি
নির্বাহী প্রকৌশলী
50
Government of the people's Republic of Bangladesh
Local Government Engineering Department
Office of the Executive Engineer
District: Jamalpur.
www.lged.gov.bd
Memo No. 46.02.3900.000.07.001.23-4073	Date:12-12-23
e-Tender Notice No-61/2023 -2024
e-Tender is invited the National e-GP System Portal (http://www.eprocure.gov.bd) for the Procurement of work details in table:
Tender Reference No	Name of Work	Tender ID
JDRIDP/MAL/RD 2023-24/VR-12	(a) Improvement of Sadhupur (H/O Humayun) - Charpolisa Eidgah Math Road with BC from Ch.00m - 1250m. (b) Earth Work on the same road (c) Construction of 01 Nos U-drain on the same road (d) Protective Work on the same road (e) Road Safety Work on the same road under Upazila: Melendah, District: Jamalpur. [Road ID- 339614218]	921491
JDRIDP/MAL/RD 2023-24/VR-13	(a) Improvement of Jangla - Bhotlovpur via Kulla Road with BC from Ch.500m - 1200m. (b) Earth Work on the same road (c) Protective Work on the same road (d) Road Safety Work on the same road under Upazila: Melendah, District: Jamalpur. [Road ID- 339614015]	921492
JDRIDP/MAL/RD 2023-24/VR-15	(a) Improvement of Topkar Char Bazar -Char Bhabania Via Topkar Char GPS Road with BC from Ch.3000m -4500m. (b) Earth Work on the same road (c) Protective Work on the same road (d) Road Safety Work on the same road under Upazila: Melendah, District: Jamalpur. [Road ID- 339614170]	921493
JDRIDP/MAL/RD 2023-24/VR-18	(a) Improvement of Pasthin Amitti (Madrasha)-Kahetpara Bazar Via Carulkandi GPS Road with BC from Ch.:00m-500m. (b) Earth Work on the same road (c) Construction of 01 Nos U-drain on the same road (d) Protective Work on the same road (e) Road Safety Work on the same road under Upazila: Melendah, District: Jamalpur. [Road ID- 339614089]	921494
JDRIDP/MAL/RD 2023-24/VR-16	(a) Improvement of Rekhipara UNR - Bhabki UZR (Jalukpara Bazar) Road with BC from Ch.:2570m - 3480m. (b) Earth Work on the same road (c) Protective Work on the same road (d) Road Safety Work on the same road under Upazila: Melendah, District: Jamalpur. [Road ID- 339615028] [Salvage amount- Tk.12,425.00]	921495
JDRIDP/MAL/RD 2023-24/VR-17	(a) Improvement of Telipara UNR - Dilalerpara Road from Ch.:700m - 1300m. (b) Earth Work on the same road (c) Protective Work on the same road (d) Road Safety Work on the same road under Upazila: Melendah, District: Jamalpur. [Road ID- 339615060] [Salvage amount-Tk.2,65,863.00]	921496
JDRIDP/MAL/RD 2023-24/VR-19	(a) Improvement of Shadhupur UNR (Humayuner Bari)-Shadhupur Chan Memberer Bari Road with BC from Ch.:00m -1000m. (b) Earth Work on the same road (c) Protective Work on the same road (d) Road Safety Work on the same road under Upazila: Melendah, District: Jamalpur. [Road ID- 339614151]	921497
This is an online Tender, where only e-Tender will be accepted in the National e-GP Portal and no offline/hard copies will be accepted. Only e-GP registered tender under LGED, Jamalpur District are eligible.
To submit e-Tender, registration in the National e-GP System portal (http://www.eprocure.gov.bd) is required.
The fees for downloading the e-Tender Documents from the National e-GP System Portal have to be deposited online through any registered Banks' branches up to 11:00 on 27-Dec-2023.
Further information and guidelines are available in the National e-GP System Portal and from e-GP help desk (helpdesk @eprocure.gov.bd).
12/12/23
Executive Engineer
Local Govt. Engineering Department
Jamalpur
Tel. No. 0981-63698
Email : xenjamalpur@lged.gov.bd
